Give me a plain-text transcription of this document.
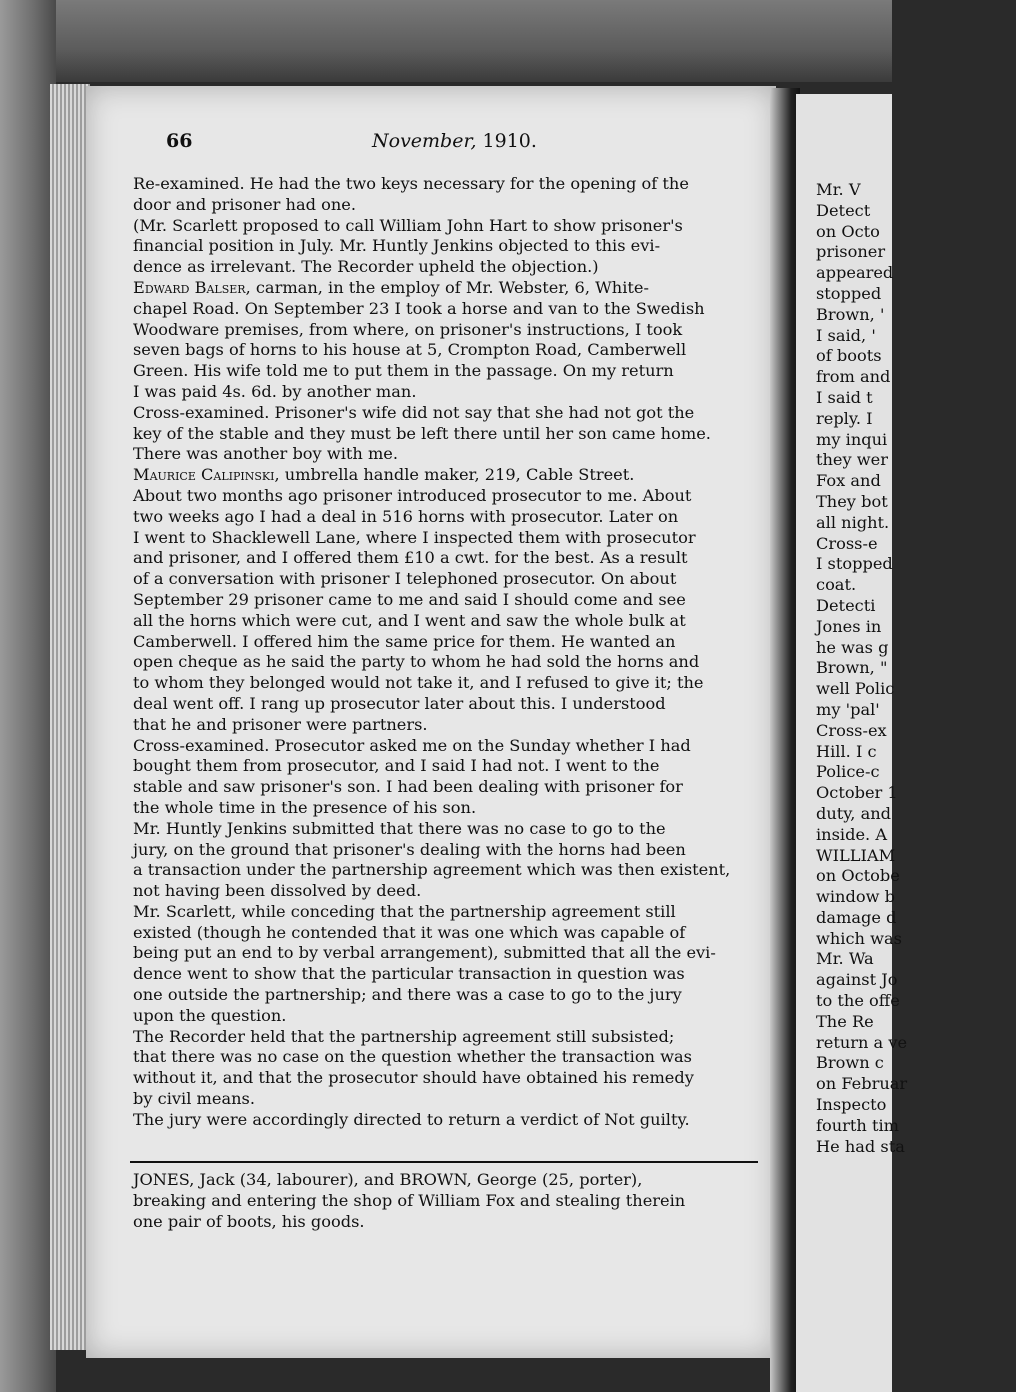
Mr. V
Detect
on Octo
prisoner
appeared
stopped
Brown, '
I said, '
of boots
from and
I said t
reply. I
my inqui
they wer
Fox and
They bot
all night.
Cross-e
I stopped
coat.
Detecti
Jones in
he was g
Brown, "
well Polic
my 'pal'
Cross-ex
Hill. I c
Police-c
October 1
duty, and
inside. A
WILLIAM
on Octobe
window b
damage d
which was
Mr. Wa
against Jo
to the offe
The Re
return a ve
Brown c
on Februar
Inspecto
fourth tim
He had sta
66	November, 1910.
Re-examined. He had the two keys necessary for the opening of the
door and prisoner had one.
(Mr. Scarlett proposed to call William John Hart to show prisoner's
financial position in July. Mr. Huntly Jenkins objected to this evi-
dence as irrelevant. The Recorder upheld the objection.)
Edward Balser, carman, in the employ of Mr. Webster, 6, White-
chapel Road. On September 23 I took a horse and van to the Swedish
Woodware premises, from where, on prisoner's instructions, I took
seven bags of horns to his house at 5, Crompton Road, Camberwell
Green. His wife told me to put them in the passage. On my return
I was paid 4s. 6d. by another man.
Cross-examined. Prisoner's wife did not say that she had not got the
key of the stable and they must be left there until her son came home.
There was another boy with me.
Maurice Calipinski, umbrella handle maker, 219, Cable Street.
About two months ago prisoner introduced prosecutor to me. About
two weeks ago I had a deal in 516 horns with prosecutor. Later on
I went to Shacklewell Lane, where I inspected them with prosecutor
and prisoner, and I offered them £10 a cwt. for the best. As a result
of a conversation with prisoner I telephoned prosecutor. On about
September 29 prisoner came to me and said I should come and see
all the horns which were cut, and I went and saw the whole bulk at
Camberwell. I offered him the same price for them. He wanted an
open cheque as he said the party to whom he had sold the horns and
to whom they belonged would not take it, and I refused to give it; the
deal went off. I rang up prosecutor later about this. I understood
that he and prisoner were partners.
Cross-examined. Prosecutor asked me on the Sunday whether I had
bought them from prosecutor, and I said I had not. I went to the
stable and saw prisoner's son. I had been dealing with prisoner for
the whole time in the presence of his son.
Mr. Huntly Jenkins submitted that there was no case to go to the
jury, on the ground that prisoner's dealing with the horns had been
a transaction under the partnership agreement which was then existent,
not having been dissolved by deed.
Mr. Scarlett, while conceding that the partnership agreement still
existed (though he contended that it was one which was capable of
being put an end to by verbal arrangement), submitted that all the evi-
dence went to show that the particular transaction in question was
one outside the partnership; and there was a case to go to the jury
upon the question.
The Recorder held that the partnership agreement still subsisted;
that there was no case on the question whether the transaction was
without it, and that the prosecutor should have obtained his remedy
by civil means.
The jury were accordingly directed to return a verdict of Not guilty.
JONES, Jack (34, labourer), and BROWN, George (25, porter),
breaking and entering the shop of William Fox and stealing therein
one pair of boots, his goods.
